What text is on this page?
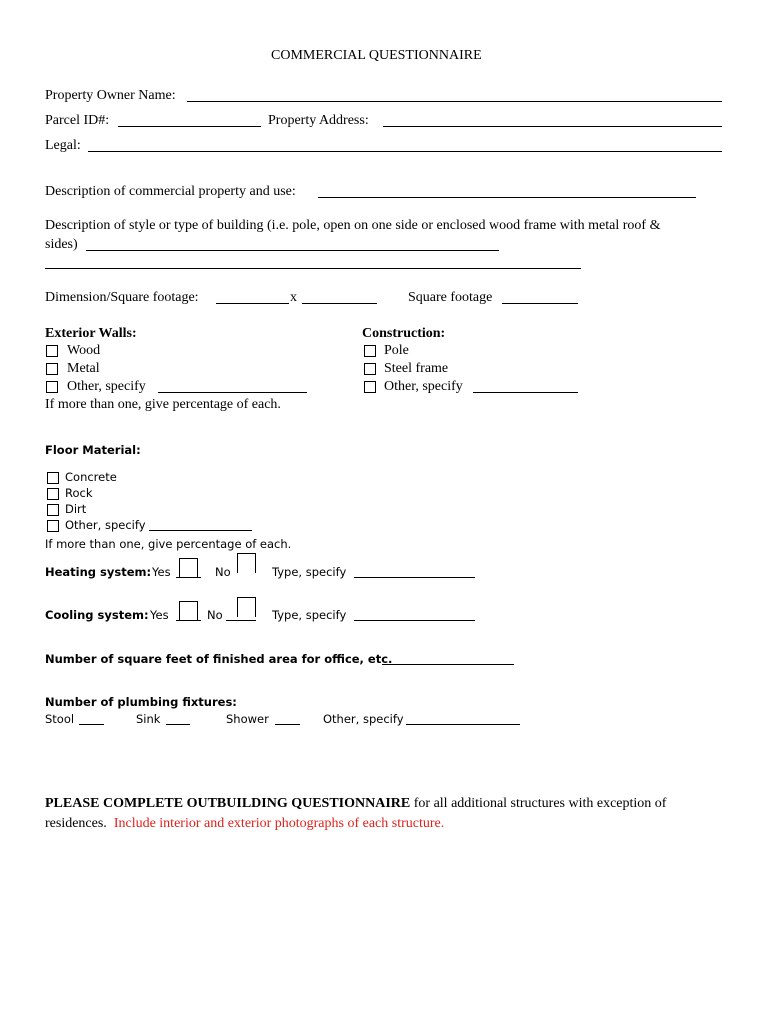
COMMERCIAL QUESTIONNAIRE
Property Owner Name:
Parcel ID#:	Property Address:
Legal:
Description of commercial property and use:
Description of style or type of building (i.e. pole, open on one side or enclosed wood frame with metal roof &
sides)
Dimension/Square footage:	x	Square footage
Exterior Walls:
Wood
Metal
Other, specify
If more than one, give percentage of each.
Construction:
Pole
Steel frame
Other, specify
Floor Material:
Concrete
Rock
Dirt
Other, specify
If more than one, give percentage of each.
Heating system: Yes	No	Type, specify
Cooling system: Yes	No	Type, specify
Number of square feet of finished area for office, etc.
Number of plumbing fixtures:
Stool	Sink	Shower	Other, specify
PLEASE COMPLETE OUTBUILDING QUESTIONNAIRE for all additional structures with exception of
residences. Include interior and exterior photographs of each structure.
